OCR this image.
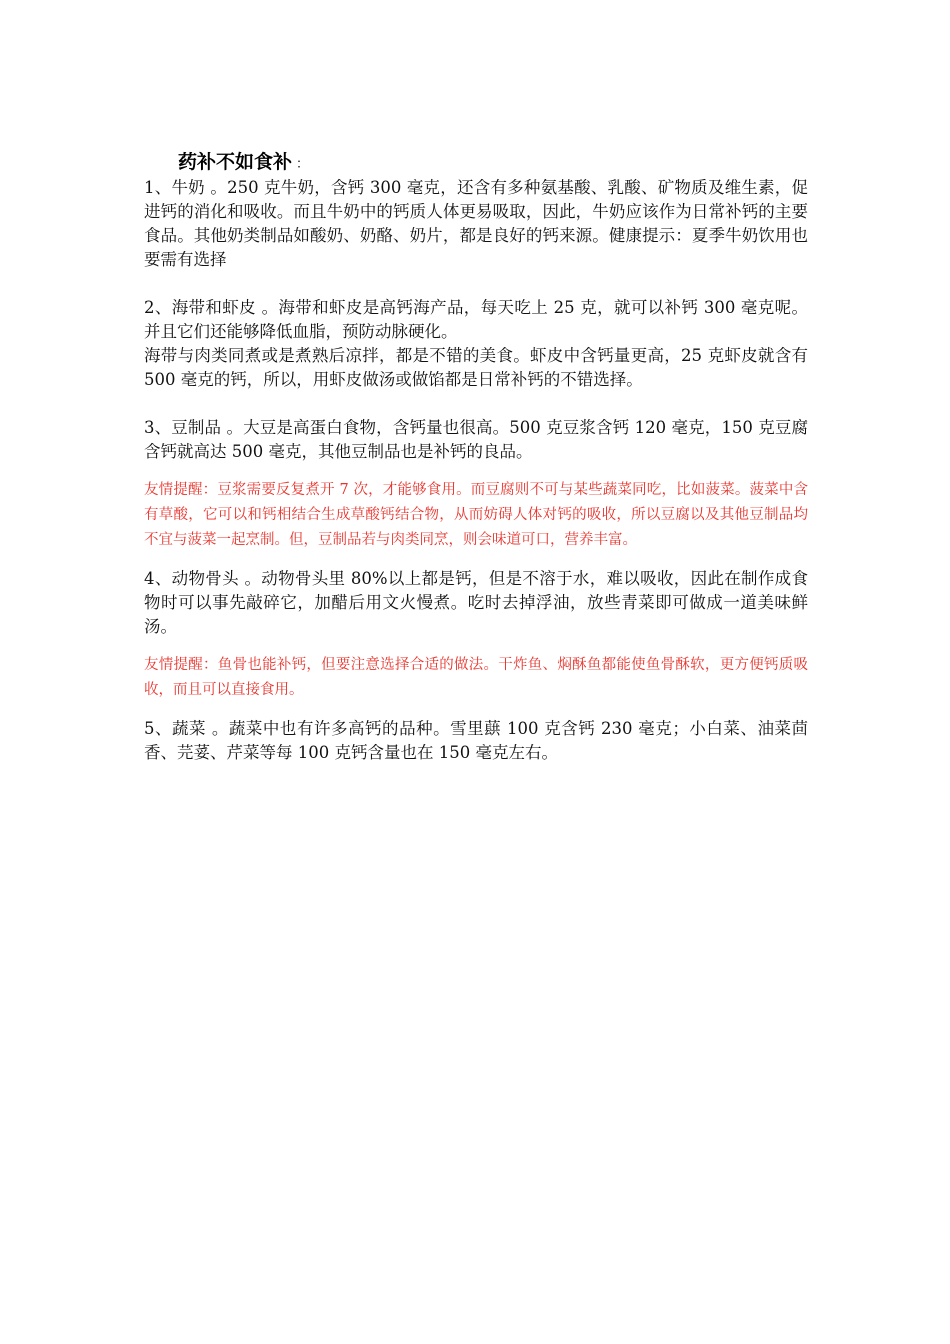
药补不如食补 ：

1、牛奶 。250 克牛奶，含钙 300 毫克，还含有多种氨基酸、乳酸、矿物质及维生素，促进钙的消化和吸收。而且牛奶中的钙质人体更易吸取，因此，牛奶应该作为日常补钙的主要食品。其他奶类制品如酸奶、奶酪、奶片，都是良好的钙来源。健康提示：夏季牛奶饮用也要需有选择

2、海带和虾皮 。海带和虾皮是高钙海产品，每天吃上 25 克，就可以补钙 300 毫克呢。并且它们还能够降低血脂，预防动脉硬化。

海带与肉类同煮或是煮熟后凉拌，都是不错的美食。虾皮中含钙量更高，25 克虾皮就含有 500 毫克的钙，所以，用虾皮做汤或做馅都是日常补钙的不错选择。

3、豆制品 。大豆是高蛋白食物，含钙量也很高。500 克豆浆含钙 120 毫克，150 克豆腐含钙就高达 500 毫克，其他豆制品也是补钙的良品。

友情提醒：豆浆需要反复煮开 7 次，才能够食用。而豆腐则不可与某些蔬菜同吃，比如菠菜。菠菜中含有草酸，它可以和钙相结合生成草酸钙结合物，从而妨碍人体对钙的吸收，所以豆腐以及其他豆制品均不宜与菠菜一起烹制。但，豆制品若与肉类同烹，则会味道可口，营养丰富。

4、动物骨头 。动物骨头里 80%以上都是钙，但是不溶于水，难以吸收，因此在制作成食物时可以事先敲碎它，加醋后用文火慢煮。吃时去掉浮油，放些青菜即可做成一道美味鲜汤。

友情提醒：鱼骨也能补钙，但要注意选择合适的做法。干炸鱼、焖酥鱼都能使鱼骨酥软，更方便钙质吸收，而且可以直接食用。

5、蔬菜 。蔬菜中也有许多高钙的品种。雪里蕻 100 克含钙 230 毫克；小白菜、油菜茴香、芫荽、芹菜等每 100 克钙含量也在 150 毫克左右。
